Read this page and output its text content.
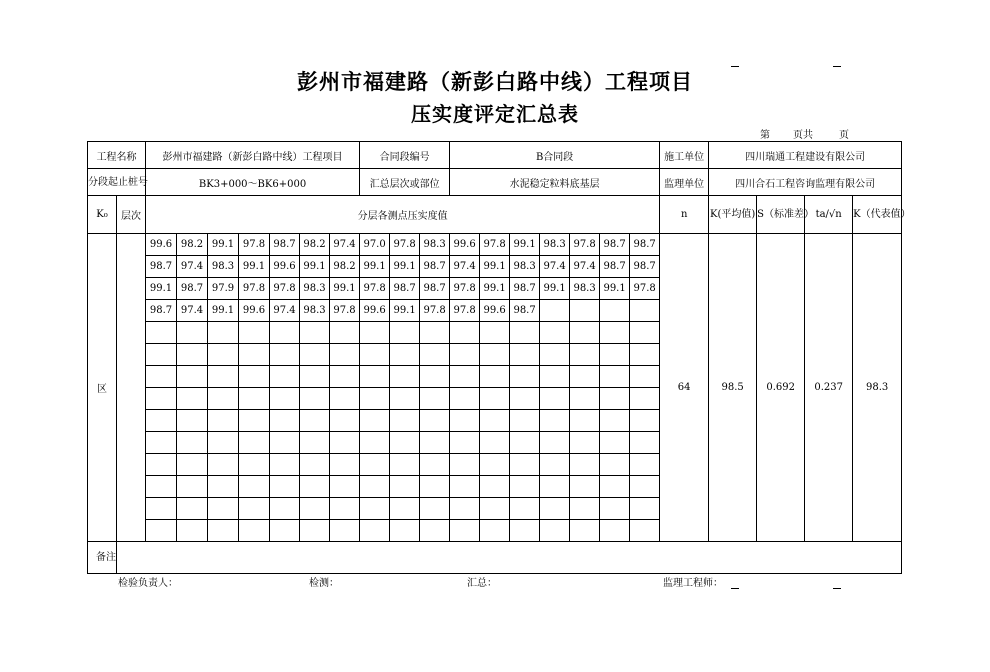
彭州市福建路（新彭白路中线）工程项目
压实度评定汇总表
第 页共	页
工程名称		彭州市福建路（新彭白路中线）工程项目							合同段编号			B合同段							施工单位	四川瑞通工程建设有限公司			
分段起止桩号		BK3+000～BK6+000							汇总层次或部位			水泥稳定粒料底基层							监理单位	四川合石工程咨询监理有限公司			
K₀	层次	分层各测点压实度值																	n	K(平均值)	S（标准差）	ta/√n	K（代表值）
区		99.6	98.2	99.1	97.8	98.7	98.2	97.4	97.0	97.8	98.3	99.6	97.8	99.1	98.3	97.8	98.7	98.7	64	98.5	0.692	0.237	98.3
		98.7	97.4	98.3	99.1	99.6	99.1	98.2	99.1	99.1	98.7	97.4	99.1	98.3	97.4	97.4	98.7	98.7					
		99.1	98.7	97.9	97.8	97.8	98.3	99.1	97.8	98.7	98.7	97.8	99.1	98.7	99.1	98.3	99.1	97.8					
		98.7	97.4	99.1	99.6	97.4	98.3	97.8	99.6	99.1	97.8	97.8	99.6	98.7									

备注																							
检验负责人：	检测：	汇总：	监理工程师：
